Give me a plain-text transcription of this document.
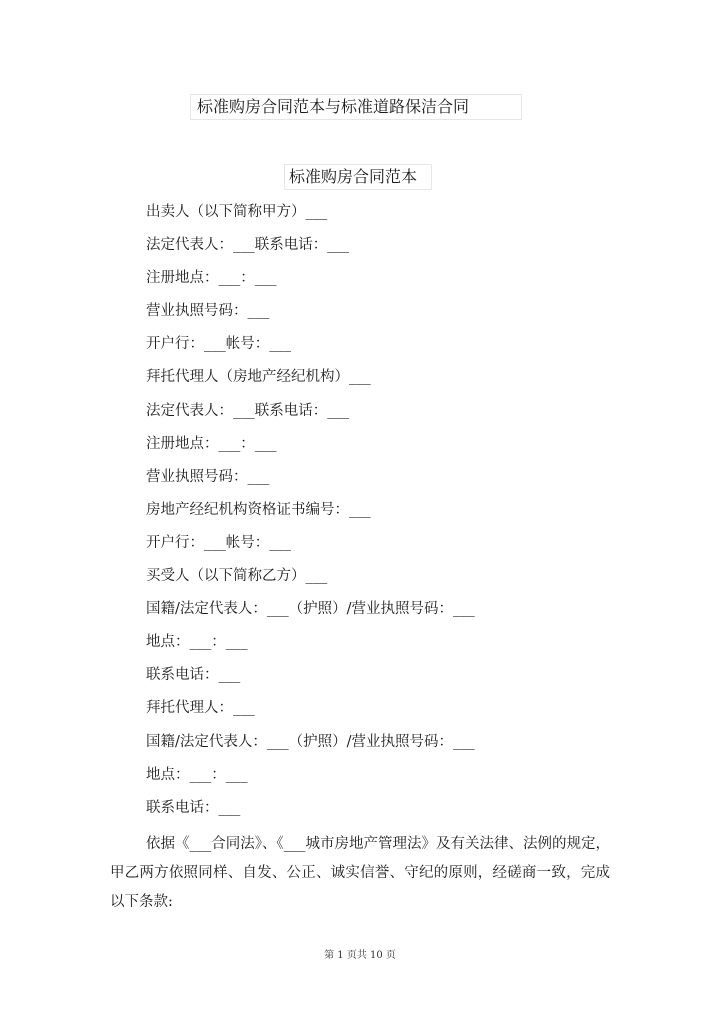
标准购房合同范本与标准道路保洁合同
标准购房合同范本
出卖人（以下简称甲方）___
法定代表人：___联系电话：___
注册地点：___：___
营业执照号码：___
开户行：___帐号：___
拜托代理人（房地产经纪机构）___
法定代表人：___联系电话：___
注册地点：___：___
营业执照号码：___
房地产经纪机构资格证书编号：___
开户行：___帐号：___
买受人（以下简称乙方）___
国籍/法定代表人：___（护照）/营业执照号码：___
地点：___：___
联系电话：___
拜托代理人：___
国籍/法定代表人：___（护照）/营业执照号码：___
地点：___：___
联系电话：___

依据《___合同法》、《___城市房地产管理法》及有关法律、法例的规定，甲乙两方依照同样、自发、公正、诚实信誉、守纪的原则，经磋商一致，完成以下条款:

第 1 页共 10 页
